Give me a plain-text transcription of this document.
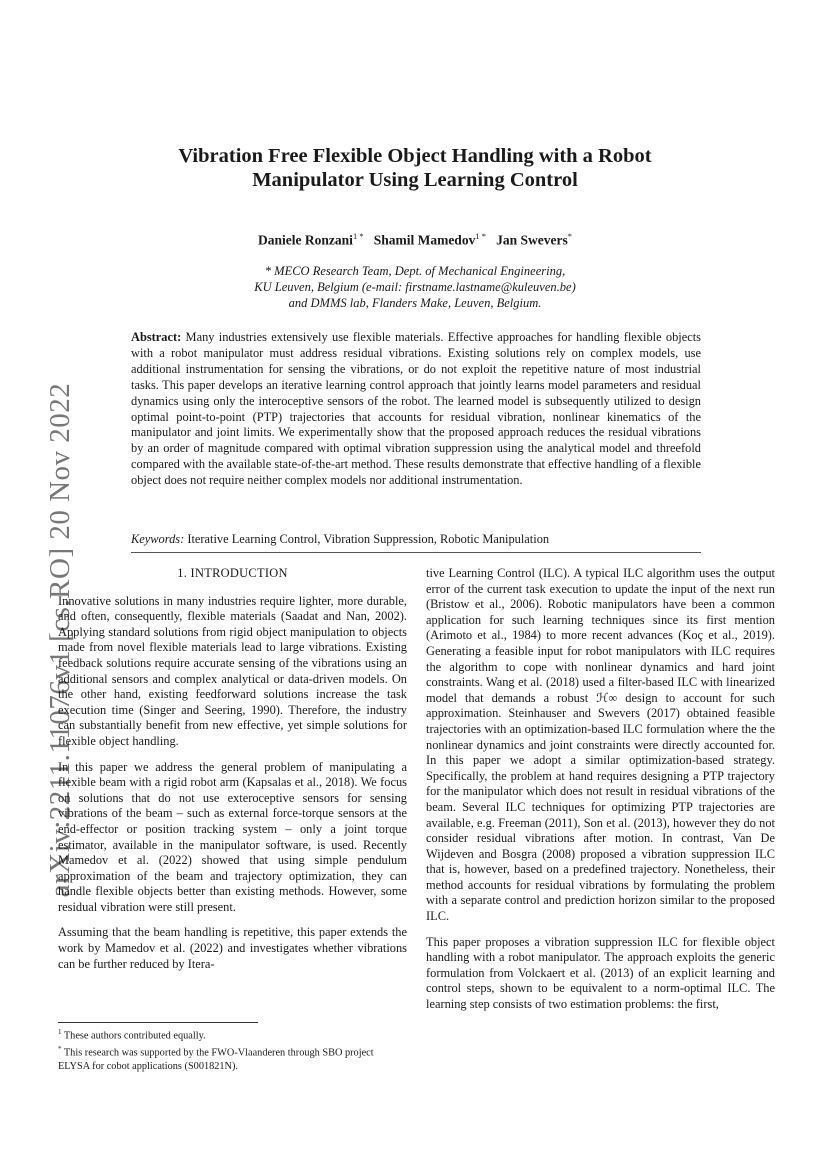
arXiv:2211.11076v1 [cs.RO] 20 Nov 2022
Vibration Free Flexible Object Handling with a Robot Manipulator Using Learning Control
Daniele Ronzani$^{1 *}$ Shamil Mamedov$^{1 *}$ Jan Swevers*

* MECO Research Team, Dept. of Mechanical Engineering,

KU Leuven, Belgium (e-mail: firstname.lastname@kuleuven.be)

and DMMS lab, Flanders Make, Leuven, Belgium.

Abstract: Many industries extensively use flexible materials. Effective approaches for handling flexible objects with a robot manipulator must address residual vibrations. Existing solutions rely on complex models, use additional instrumentation for sensing the vibrations, or do not exploit the repetitive nature of most industrial tasks. This paper develops an iterative learning control approach that jointly learns model parameters and residual dynamics using only the interoceptive sensors of the robot. The learned model is subsequently utilized to design optimal point-to-point (PTP) trajectories that accounts for residual vibration, nonlinear kinematics of the manipulator and joint limits. We experimentally show that the proposed approach reduces the residual vibrations by an order of magnitude compared with optimal vibration suppression using the analytical model and threefold compared with the available state-of-the-art method. These results demonstrate that effective handling of a flexible object does not require neither complex models nor additional instrumentation.
Keywords: Iterative Learning Control, Vibration Suppression, Robotic Manipulation

1. INTRODUCTION

Innovative solutions in many industries require lighter, more durable, and often, consequently, flexible materials (Saadat and Nan, 2002). Applying standard solutions from rigid object manipulation to objects made from novel flexible materials lead to large vibrations. Existing feedback solutions require accurate sensing of the vibrations using an additional sensors and complex analytical or data-driven models. On the other hand, existing feedforward solutions increase the task execution time (Singer and Seering, 1990). Therefore, the industry can substantially benefit from new effective, yet simple solutions for flexible object handling.

In this paper we address the general problem of manipulating a flexible beam with a rigid robot arm (Kapsalas et al., 2018). We focus on solutions that do not use exteroceptive sensors for sensing vibrations of the beam – such as external force-torque sensors at the end-effector or position tracking system – only a joint torque estimator, available in the manipulator software, is used. Recently Mamedov et al. (2022) showed that using simple pendulum approximation of the beam and trajectory optimization, they can handle flexible objects better than existing methods. However, some residual vibration were still present.

Assuming that the beam handling is repetitive, this paper extends the work by Mamedov et al. (2022) and investigates whether vibrations can be further reduced by Itera-

tive Learning Control (ILC). A typical ILC algorithm uses the output error of the current task execution to update the input of the next run (Bristow et al., 2006). Robotic manipulators have been a common application for such learning techniques since its first mention (Arimoto et al., 1984) to more recent advances (Koç et al., 2019). Generating a feasible input for robot manipulators with ILC requires the algorithm to cope with nonlinear dynamics and hard joint constraints. Wang et al. (2018) used a filter-based ILC with linearized model that demands a robust ℋ∞ design to account for such approximation. Steinhauser and Swevers (2017) obtained feasible trajectories with an optimization-based ILC formulation where the the nonlinear dynamics and joint constraints were directly accounted for. In this paper we adopt a similar optimization-based strategy. Specifically, the problem at hand requires designing a PTP trajectory for the manipulator which does not result in residual vibrations of the beam. Several ILC techniques for optimizing PTP trajectories are available, e.g. Freeman (2011), Son et al. (2013), however they do not consider residual vibrations after motion. In contrast, Van De Wijdeven and Bosgra (2008) proposed a vibration suppression ILC that is, however, based on a predefined trajectory. Nonetheless, their method accounts for residual vibrations by formulating the problem with a separate control and prediction horizon similar to the proposed ILC.

This paper proposes a vibration suppression ILC for flexible object handling with a robot manipulator. The approach exploits the generic formulation from Volckaert et al. (2013) of an explicit learning and control steps, shown to be equivalent to a norm-optimal ILC. The learning step consists of two estimation problems: the first,

$^1$ These authors contributed equally.

* This research was supported by the FWO-Vlaanderen through SBO project ELYSA for cobot applications (S001821N).
